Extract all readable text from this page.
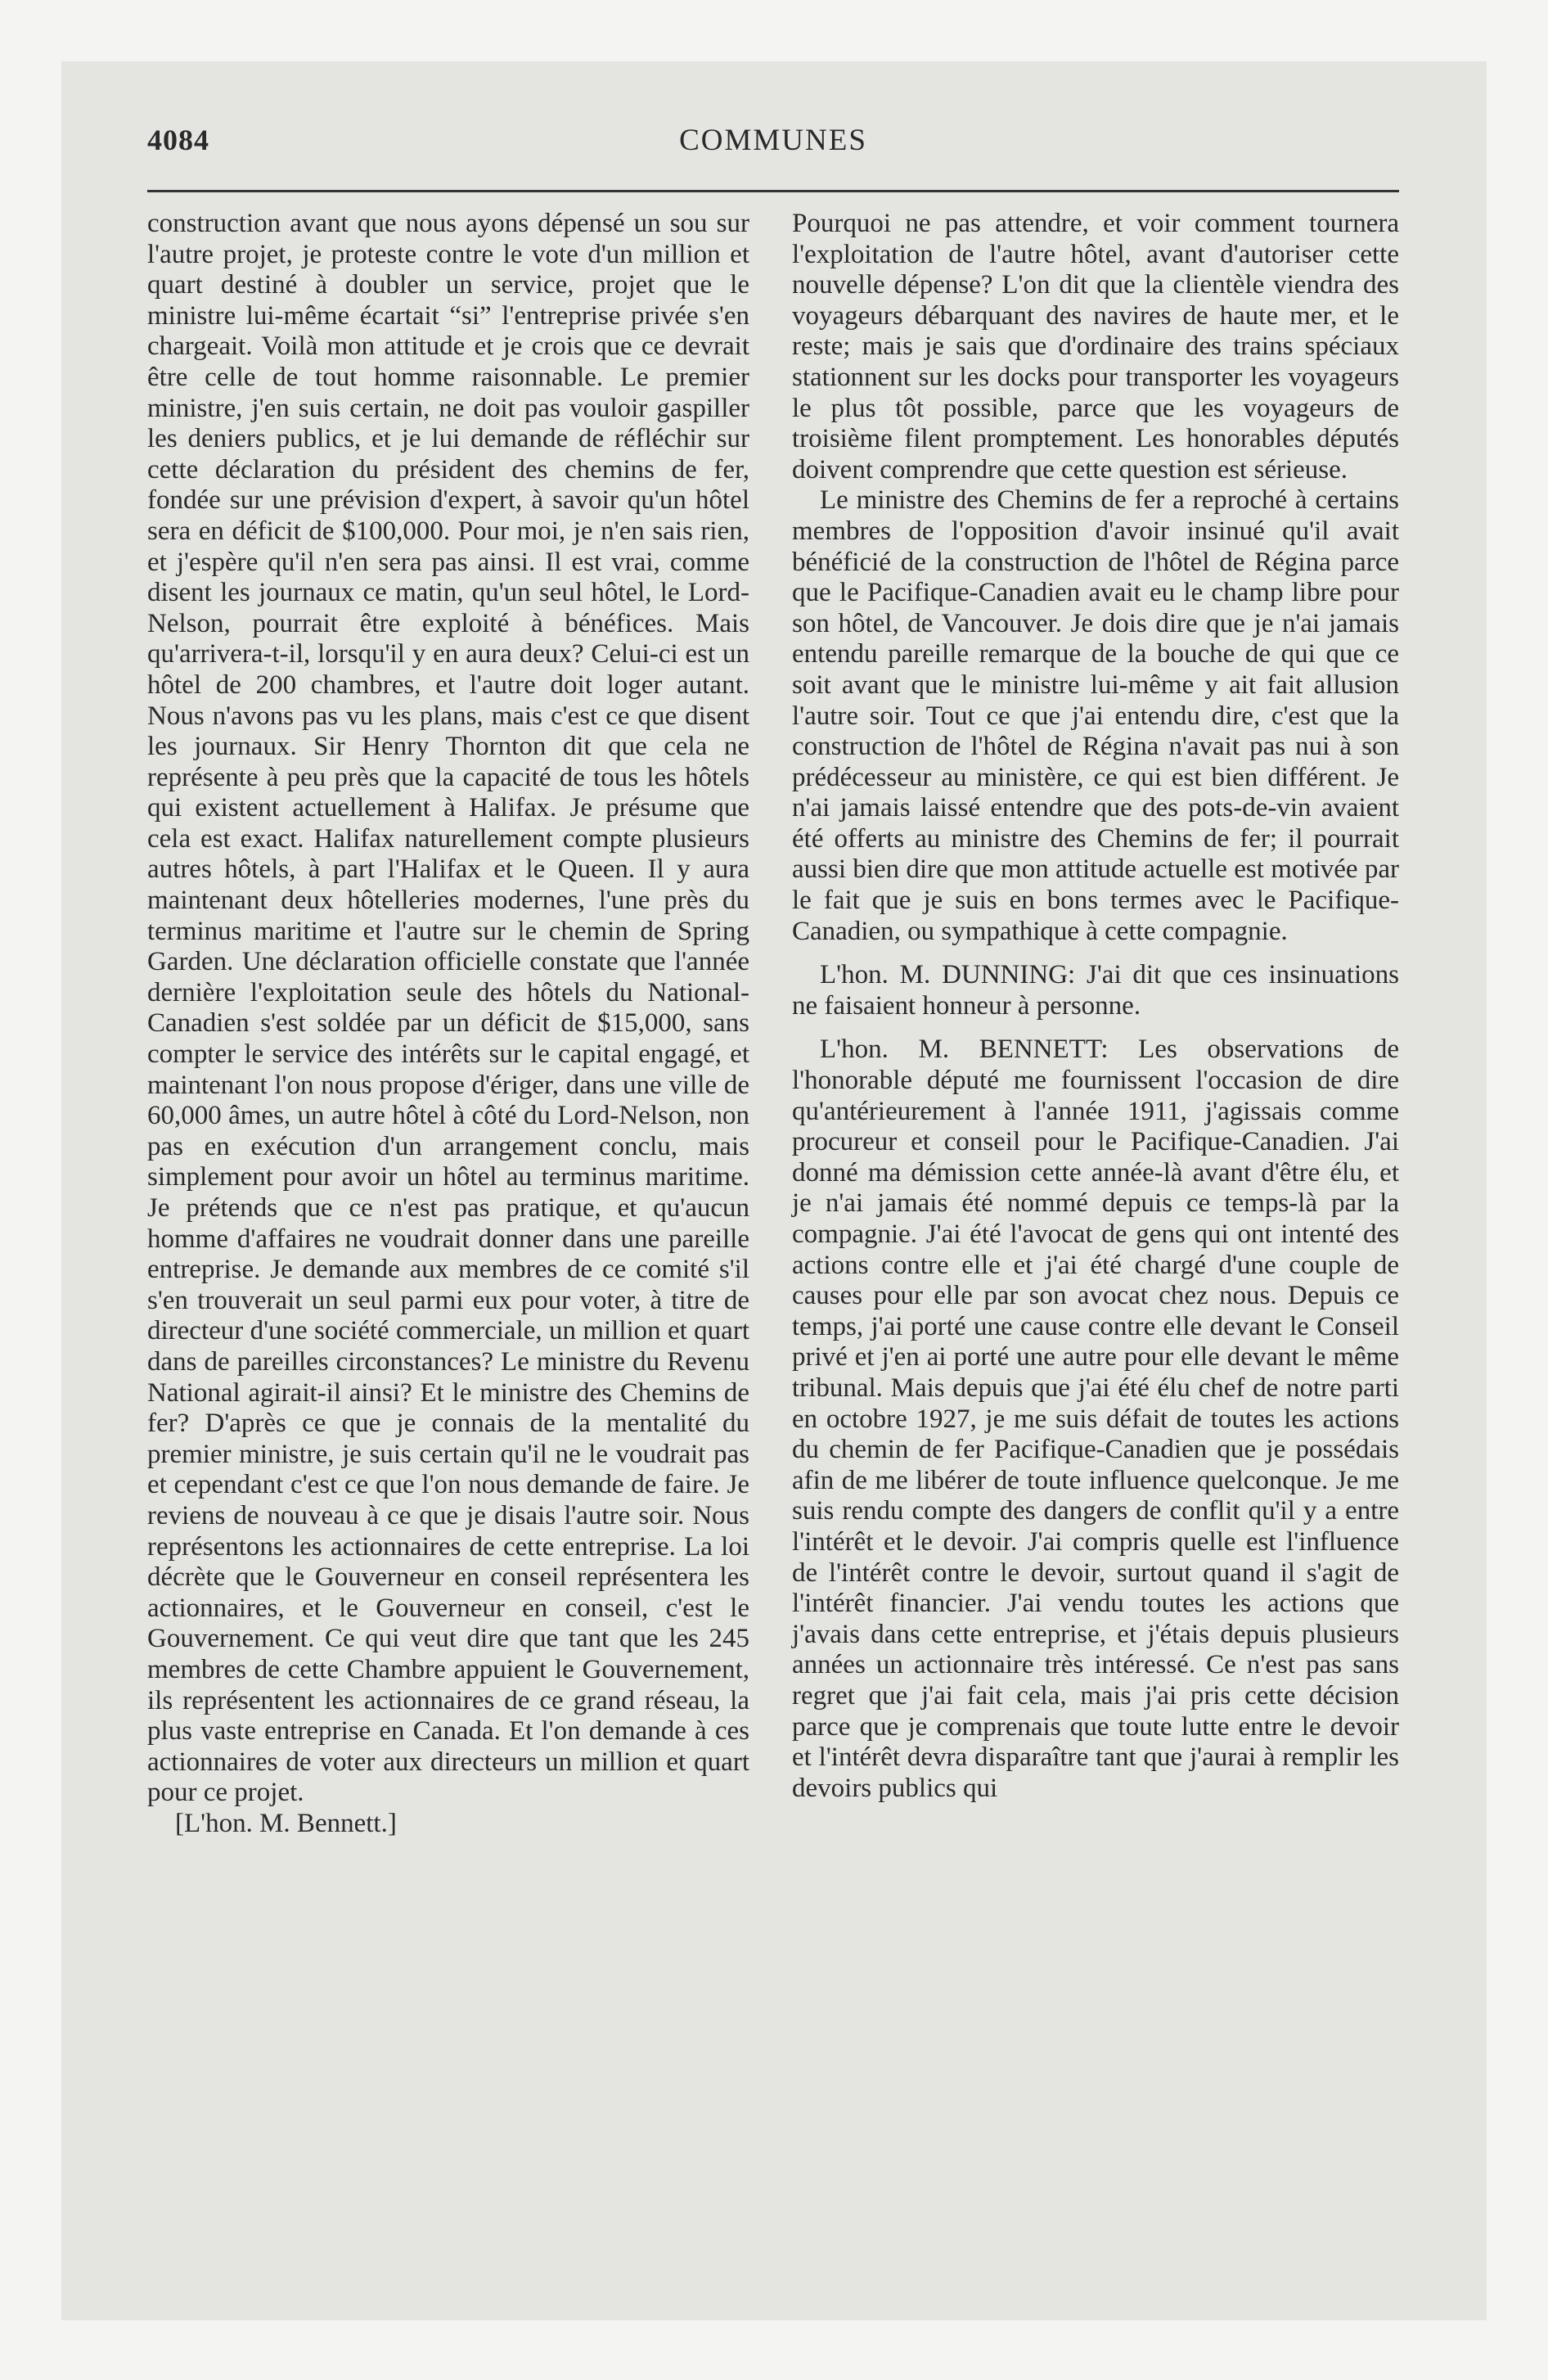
4084	COMMUNES

construction avant que nous ayons dépensé un sou sur l'autre projet, je proteste contre le vote d'un million et quart destiné à doubler un service, projet que le ministre lui-même écartait “si” l'entreprise privée s'en chargeait. Voilà mon attitude et je crois que ce devrait être celle de tout homme raisonnable. Le premier ministre, j'en suis certain, ne doit pas vouloir gaspiller les deniers publics, et je lui demande de réfléchir sur cette déclaration du président des chemins de fer, fondée sur une prévision d'expert, à savoir qu'un hôtel sera en déficit de $100,000. Pour moi, je n'en sais rien, et j'espère qu'il n'en sera pas ainsi. Il est vrai, comme disent les journaux ce matin, qu'un seul hôtel, le Lord-Nelson, pourrait être exploité à bénéfices. Mais qu'arrivera-t-il, lorsqu'il y en aura deux? Celui-ci est un hôtel de 200 chambres, et l'autre doit loger autant. Nous n'avons pas vu les plans, mais c'est ce que disent les journaux. Sir Henry Thornton dit que cela ne représente à peu près que la capacité de tous les hôtels qui existent actuellement à Halifax. Je présume que cela est exact. Halifax naturellement compte plusieurs autres hôtels, à part l'Halifax et le Queen. Il y aura maintenant deux hôtelleries modernes, l'une près du terminus maritime et l'autre sur le chemin de Spring Garden. Une déclaration officielle constate que l'année dernière l'exploitation seule des hôtels du National-Canadien s'est soldée par un déficit de $15,000, sans compter le service des intérêts sur le capital engagé, et maintenant l'on nous propose d'ériger, dans une ville de 60,000 âmes, un autre hôtel à côté du Lord-Nelson, non pas en exécution d'un arrangement conclu, mais simplement pour avoir un hôtel au terminus maritime. Je prétends que ce n'est pas pratique, et qu'aucun homme d'affaires ne voudrait donner dans une pareille entreprise. Je demande aux membres de ce comité s'il s'en trouverait un seul parmi eux pour voter, à titre de directeur d'une société commerciale, un million et quart dans de pareilles circonstances? Le ministre du Revenu National agirait-il ainsi? Et le ministre des Chemins de fer? D'après ce que je connais de la mentalité du premier ministre, je suis certain qu'il ne le voudrait pas et cependant c'est ce que l'on nous demande de faire. Je reviens de nouveau à ce que je disais l'autre soir. Nous représentons les actionnaires de cette entreprise. La loi décrète que le Gouverneur en conseil représentera les actionnaires, et le Gouverneur en conseil, c'est le Gouvernement. Ce qui veut dire que tant que les 245 membres de cette Chambre appuient le Gouvernement, ils représentent les actionnaires de ce grand réseau, la plus vaste entreprise en Canada. Et l'on demande à ces actionnaires de voter aux directeurs un million et quart pour ce projet.

[L'hon. M. Bennett.]

Pourquoi ne pas attendre, et voir comment tournera l'exploitation de l'autre hôtel, avant d'autoriser cette nouvelle dépense? L'on dit que la clientèle viendra des voyageurs débarquant des navires de haute mer, et le reste; mais je sais que d'ordinaire des trains spéciaux stationnent sur les docks pour transporter les voyageurs le plus tôt possible, parce que les voyageurs de troisième filent promptement. Les honorables députés doivent comprendre que cette question est sérieuse.

Le ministre des Chemins de fer a reproché à certains membres de l'opposition d'avoir insinué qu'il avait bénéficié de la construction de l'hôtel de Régina parce que le Pacifique-Canadien avait eu le champ libre pour son hôtel, de Vancouver. Je dois dire que je n'ai jamais entendu pareille remarque de la bouche de qui que ce soit avant que le ministre lui-même y ait fait allusion l'autre soir. Tout ce que j'ai entendu dire, c'est que la construction de l'hôtel de Régina n'avait pas nui à son prédécesseur au ministère, ce qui est bien différent. Je n'ai jamais laissé entendre que des pots-de-vin avaient été offerts au ministre des Chemins de fer; il pourrait aussi bien dire que mon attitude actuelle est motivée par le fait que je suis en bons termes avec le Pacifique-Canadien, ou sympathique à cette compagnie.

L'hon. M. DUNNING: J'ai dit que ces insinuations ne faisaient honneur à personne.

L'hon. M. BENNETT: Les observations de l'honorable député me fournissent l'occasion de dire qu'antérieurement à l'année 1911, j'agissais comme procureur et conseil pour le Pacifique-Canadien. J'ai donné ma démission cette année-là avant d'être élu, et je n'ai jamais été nommé depuis ce temps-là par la compagnie. J'ai été l'avocat de gens qui ont intenté des actions contre elle et j'ai été chargé d'une couple de causes pour elle par son avocat chez nous. Depuis ce temps, j'ai porté une cause contre elle devant le Conseil privé et j'en ai porté une autre pour elle devant le même tribunal. Mais depuis que j'ai été élu chef de notre parti en octobre 1927, je me suis défait de toutes les actions du chemin de fer Pacifique-Canadien que je possédais afin de me libérer de toute influence quelconque. Je me suis rendu compte des dangers de conflit qu'il y a entre l'intérêt et le devoir. J'ai compris quelle est l'influence de l'intérêt contre le devoir, surtout quand il s'agit de l'intérêt financier. J'ai vendu toutes les actions que j'avais dans cette entreprise, et j'étais depuis plusieurs années un actionnaire très intéressé. Ce n'est pas sans regret que j'ai fait cela, mais j'ai pris cette décision parce que je comprenais que toute lutte entre le devoir et l'intérêt devra disparaître tant que j'aurai à remplir les devoirs publics qui
